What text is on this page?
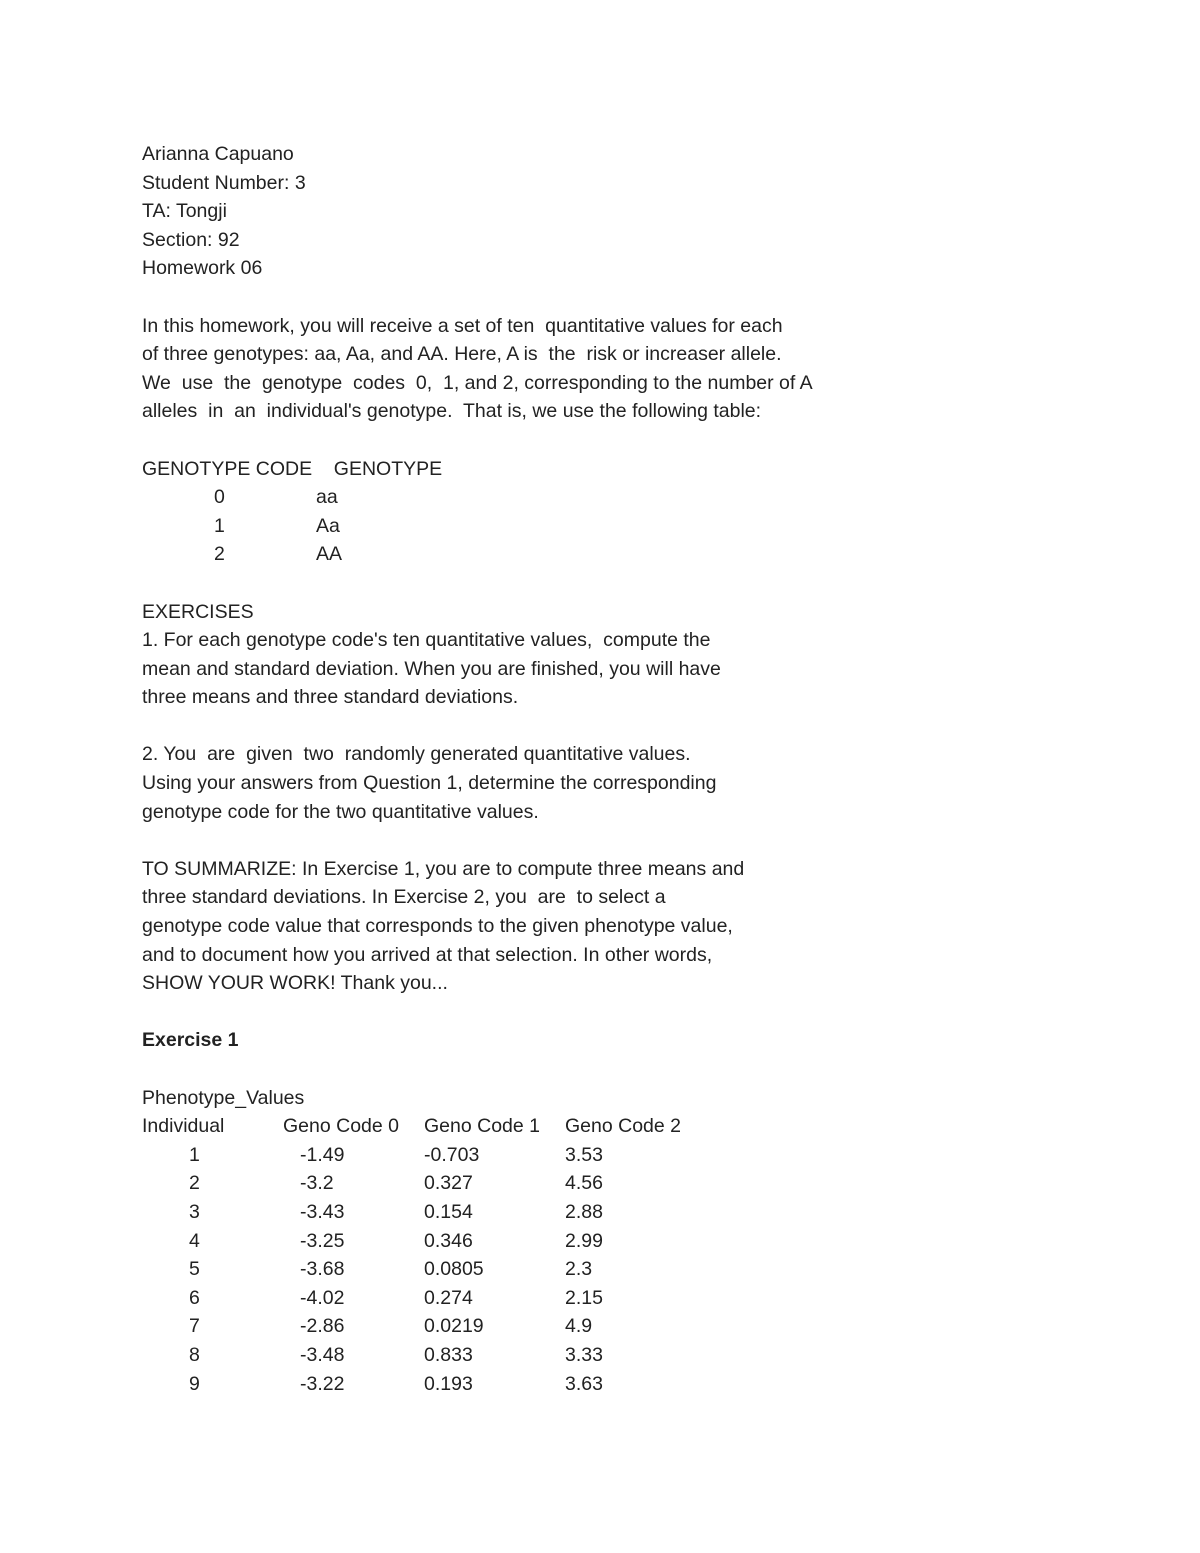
Arianna Capuano
Student Number: 3
TA: Tongji
Section: 92
Homework 06
In this homework, you will receive a set of ten  quantitative values for each
of three genotypes: aa, Aa, and AA. Here, A is  the  risk or increaser allele.
We  use  the  genotype  codes  0,  1, and 2, corresponding to the number of A
alleles  in  an  individual's genotype.  That is, we use the following table:
GENOTYPE CODE GENOTYPE
0	aa
1	Aa
2	AA
EXERCISES
1. For each genotype code's ten quantitative values,  compute the
mean and standard deviation. When you are finished, you will have
three means and three standard deviations.
2. You  are  given  two  randomly generated quantitative values.
Using your answers from Question 1, determine the corresponding
genotype code for the two quantitative values.
TO SUMMARIZE: In Exercise 1, you are to compute three means and
three standard deviations. In Exercise 2, you  are  to select a
genotype code value that corresponds to the given phenotype value,
and to document how you arrived at that selection. In other words,
SHOW YOUR WORK! Thank you...
Exercise 1
Phenotype_Values
Individual	Geno Code 0 Geno Code 1 Geno Code 2
1	-1.49	-0.703	3.53
2	-3.2	0.327	4.56
3	-3.43	0.154	2.88
4	-3.25	0.346	2.99
5	-3.68	0.0805	2.3
6	-4.02	0.274	2.15
7	-2.86	0.0219	4.9
8	-3.48	0.833	3.33
9	-3.22	0.193	3.63
